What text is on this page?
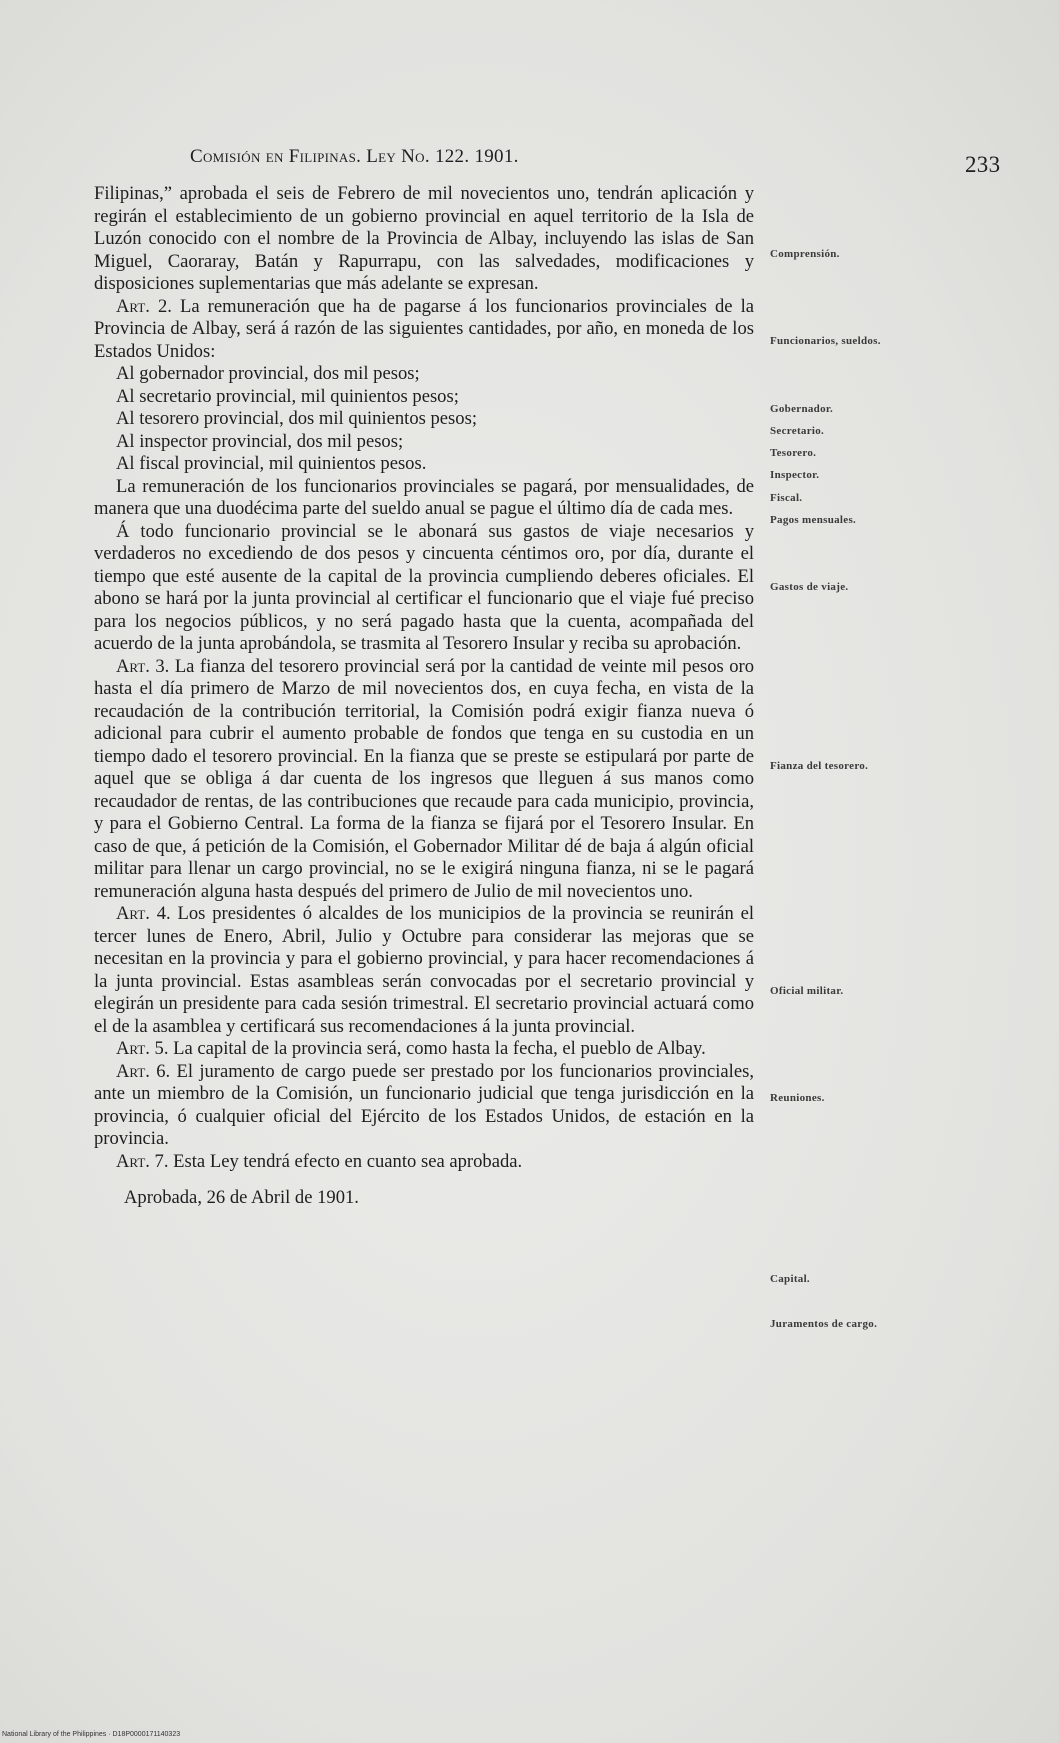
Comisión en Filipinas. Ley No. 122. 1901.	233

Filipinas,” aprobada el seis de Febrero de mil novecientos uno, tendrán aplicación y regirán el establecimiento de un gobierno provincial en aquel territorio de la Isla de Luzón conocido con el nombre de la Provincia de Albay, incluyendo las islas de San Miguel, Caoraray, Batán y Rapurrapu, con las salvedades, modificaciones y disposiciones suplementarias que más adelante se expresan.

Art. 2. La remuneración que ha de pagarse á los funcionarios provinciales de la Provincia de Albay, será á razón de las siguientes cantidades, por año, en moneda de los Estados Unidos:

Al gobernador provincial, dos mil pesos;

Al secretario provincial, mil quinientos pesos;

Al tesorero provincial, dos mil quinientos pesos;

Al inspector provincial, dos mil pesos;

Al fiscal provincial, mil quinientos pesos.

La remuneración de los funcionarios provinciales se pagará, por mensualidades, de manera que una duodécima parte del sueldo anual se pague el último día de cada mes.

Á todo funcionario provincial se le abonará sus gastos de viaje necesarios y verdaderos no excediendo de dos pesos y cincuenta céntimos oro, por día, durante el tiempo que esté ausente de la capital de la provincia cumpliendo deberes oficiales. El abono se hará por la junta provincial al certificar el funcionario que el viaje fué preciso para los negocios públicos, y no será pagado hasta que la cuenta, acompañada del acuerdo de la junta aprobándola, se trasmita al Tesorero Insular y reciba su aprobación.

Art. 3. La fianza del tesorero provincial será por la cantidad de veinte mil pesos oro hasta el día primero de Marzo de mil novecientos dos, en cuya fecha, en vista de la recaudación de la contribución territorial, la Comisión podrá exigir fianza nueva ó adicional para cubrir el aumento probable de fondos que tenga en su custodia en un tiempo dado el tesorero provincial. En la fianza que se preste se estipulará por parte de aquel que se obliga á dar cuenta de los ingresos que lleguen á sus manos como recaudador de rentas, de las contribuciones que recaude para cada municipio, provincia, y para el Gobierno Central. La forma de la fianza se fijará por el Tesorero Insular. En caso de que, á petición de la Comisión, el Gobernador Militar dé de baja á algún oficial militar para llenar un cargo provincial, no se le exigirá ninguna fianza, ni se le pagará remuneración alguna hasta después del primero de Julio de mil novecientos uno.

Art. 4. Los presidentes ó alcaldes de los municipios de la provincia se reunirán el tercer lunes de Enero, Abril, Julio y Octubre para considerar las mejoras que se necesitan en la provincia y para el gobierno provincial, y para hacer recomendaciones á la junta provincial. Estas asambleas serán convocadas por el secretario provincial y elegirán un presidente para cada sesión trimestral. El secretario provincial actuará como el de la asamblea y certificará sus recomendaciones á la junta provincial.

Art. 5. La capital de la provincia será, como hasta la fecha, el pueblo de Albay.

Art. 6. El juramento de cargo puede ser prestado por los funcionarios provinciales, ante un miembro de la Comisión, un funcionario judicial que tenga jurisdicción en la provincia, ó cualquier oficial del Ejército de los Estados Unidos, de estación en la provincia.

Art. 7. Esta Ley tendrá efecto en cuanto sea aprobada.

Aprobada, 26 de Abril de 1901.

Comprensión.
Funcionarios, sueldos.
Gobernador.
Secretario.
Tesorero.
Inspector.
Fiscal.
Pagos mensuales.
Gastos de viaje.
Fianza del tesorero.
Oficial militar.
Reuniones.
Capital.
Juramentos de cargo.
National Library of the Philippines · D18P0000171140323
